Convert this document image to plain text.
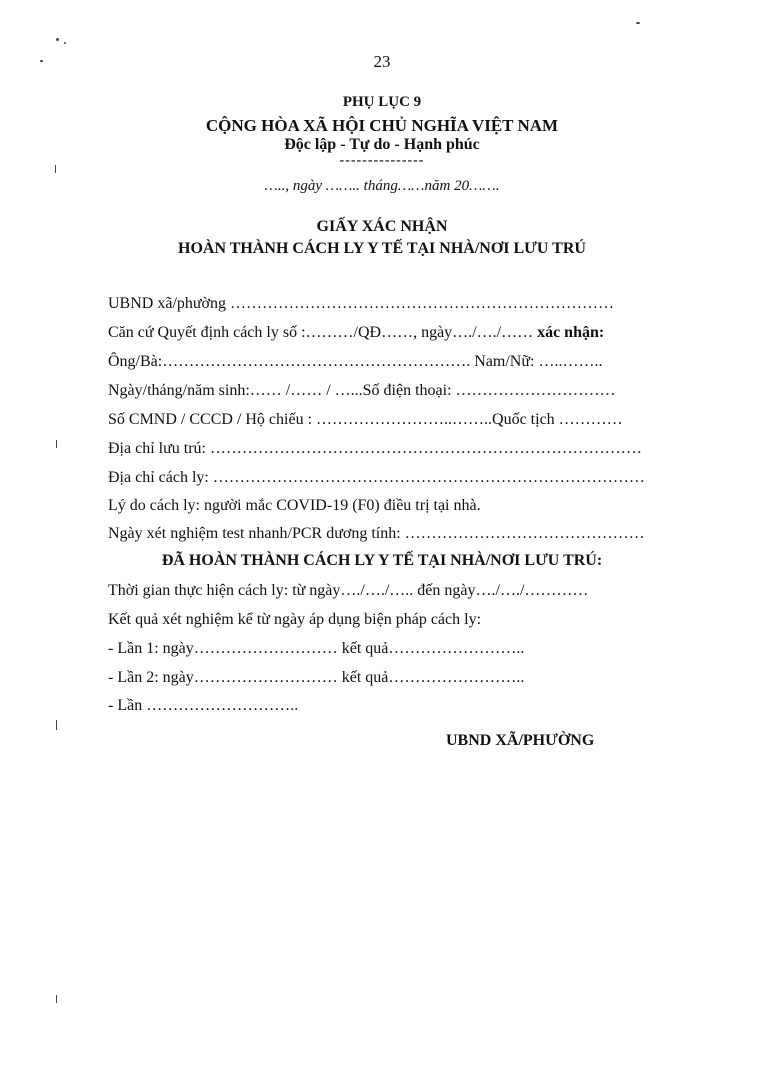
23
PHỤ LỤC 9
CỘNG HÒA XÃ HỘI CHỦ NGHĨA VIỆT NAM
Độc lập - Tự do - Hạnh phúc
---------------
….., ngày …….. tháng……năm 20…….
GIẤY XÁC NHẬN
HOÀN THÀNH CÁCH LY Y TẾ TẠI NHÀ/NƠI LƯU TRÚ
UBND xã/phường ………………………………………………………………
Căn cứ Quyết định cách ly số :………/QĐ……, ngày…./…./…… xác nhận:
Ông/Bà:…………………………………………………. Nam/Nữ: …..……..
Ngày/tháng/năm sinh:…… /…… / …...Số điện thoại: …………………………
Số CMND / CCCD / Hộ chiếu : ……………………..……..Quốc tịch …………
Địa chỉ lưu trú: ………………………………………………………………………
Địa chỉ cách ly: ………………………………………………………………………
Lý do cách ly: người mắc COVID-19 (F0) điều trị tại nhà.
Ngày xét nghiệm test nhanh/PCR dương tính: ………………………………………
ĐÃ HOÀN THÀNH CÁCH LY Y TẾ TẠI NHÀ/NƠI LƯU TRÚ:
Thời gian thực hiện cách ly: từ ngày…./…./….. đến ngày…./…./…………
Kết quả xét nghiệm kể từ ngày áp dụng biện pháp cách ly:
- Lần 1: ngày……………………… kết quả……………………..
- Lần 2: ngày……………………… kết quả……………………..
- Lần ………………………..
UBND XÃ/PHƯỜNG
